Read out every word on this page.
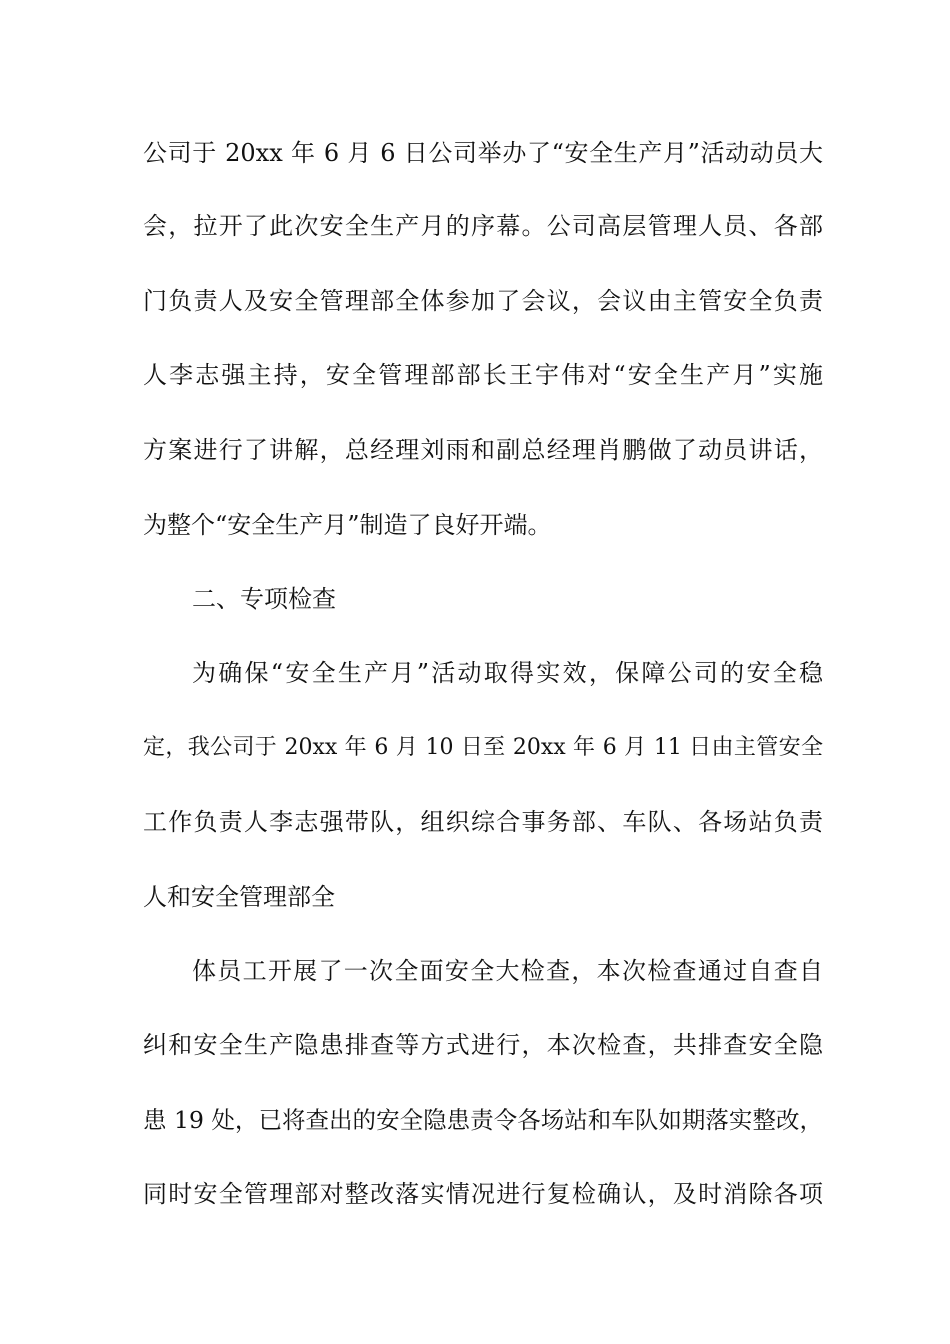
公司于 20xx 年 6 月 6 日公司举办了“安全生产月”活动动员大
会，拉开了此次安全生产月的序幕。公司高层管理人员、各部
门负责人及安全管理部全体参加了会议，会议由主管安全负责
人李志强主持，安全管理部部长王宇伟对“安全生产月”实施
方案进行了讲解，总经理刘雨和副总经理肖鹏做了动员讲话，
为整个“安全生产月”制造了良好开端。
二、专项检查
为确保“安全生产月”活动取得实效，保障公司的安全稳
定，我公司于 20xx 年 6 月 10 日至 20xx 年 6 月 11 日由主管安全
工作负责人李志强带队，组织综合事务部、车队、各场站负责
人和安全管理部全
体员工开展了一次全面安全大检查，本次检查通过自查自
纠和安全生产隐患排查等方式进行，本次检查，共排查安全隐
患 19 处，已将查出的安全隐患责令各场站和车队如期落实整改，
同时安全管理部对整改落实情况进行复检确认，及时消除各项
